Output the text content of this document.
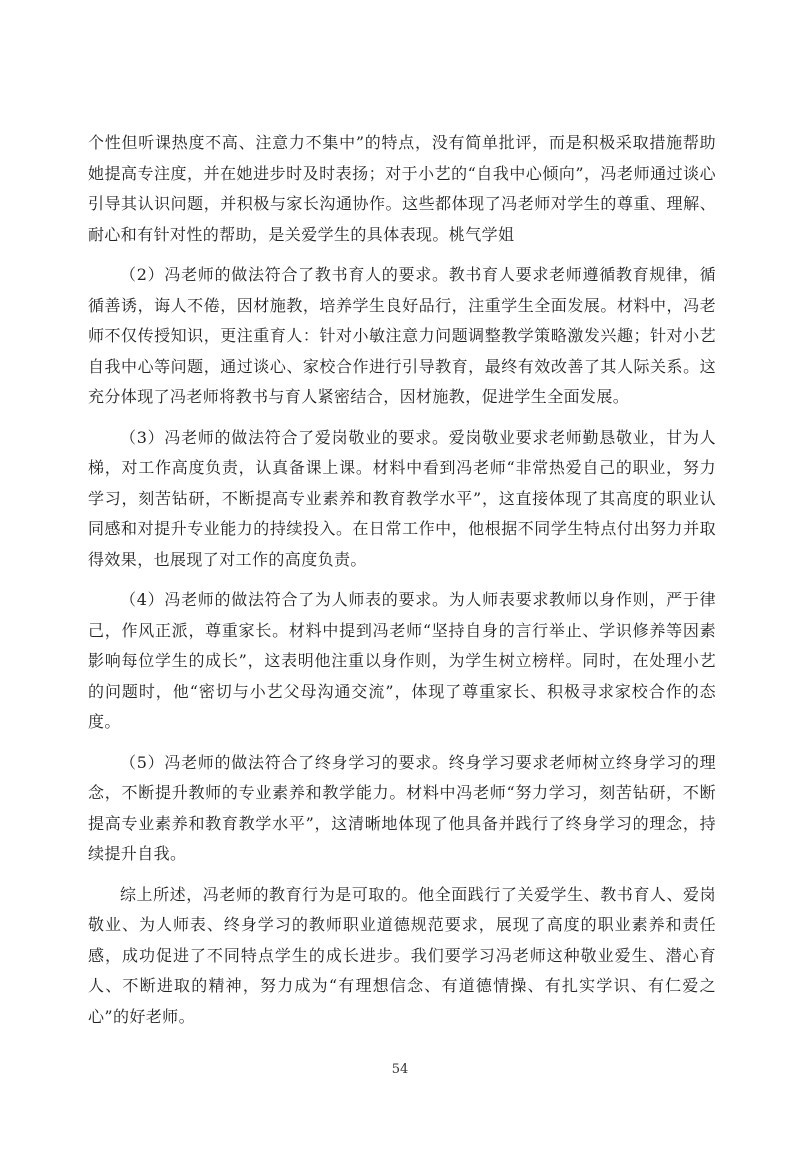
个性但听课热度不高、注意力不集中”的特点，没有简单批评，而是积极采取措施帮助她提高专注度，并在她进步时及时表扬；对于小艺的“自我中心倾向”，冯老师通过谈心引导其认识问题，并积极与家长沟通协作。这些都体现了冯老师对学生的尊重、理解、耐心和有针对性的帮助，是关爱学生的具体表现。桃气学姐

（2）冯老师的做法符合了教书育人的要求。教书育人要求老师遵循教育规律，循循善诱，诲人不倦，因材施教，培养学生良好品行，注重学生全面发展。材料中，冯老师不仅传授知识，更注重育人：针对小敏注意力问题调整教学策略激发兴趣；针对小艺自我中心等问题，通过谈心、家校合作进行引导教育，最终有效改善了其人际关系。这充分体现了冯老师将教书与育人紧密结合，因材施教，促进学生全面发展。

（3）冯老师的做法符合了爱岗敬业的要求。爱岗敬业要求老师勤恳敬业，甘为人梯，对工作高度负责，认真备课上课。材料中看到冯老师“非常热爱自己的职业，努力学习，刻苦钻研，不断提高专业素养和教育教学水平”，这直接体现了其高度的职业认同感和对提升专业能力的持续投入。在日常工作中，他根据不同学生特点付出努力并取得效果，也展现了对工作的高度负责。

（4）冯老师的做法符合了为人师表的要求。为人师表要求教师以身作则，严于律己，作风正派，尊重家长。材料中提到冯老师“坚持自身的言行举止、学识修养等因素影响每位学生的成长”，这表明他注重以身作则，为学生树立榜样。同时，在处理小艺的问题时，他“密切与小艺父母沟通交流”，体现了尊重家长、积极寻求家校合作的态度。

（5）冯老师的做法符合了终身学习的要求。终身学习要求老师树立终身学习的理念，不断提升教师的专业素养和教学能力。材料中冯老师“努力学习，刻苦钻研，不断提高专业素养和教育教学水平”，这清晰地体现了他具备并践行了终身学习的理念，持续提升自我。

综上所述，冯老师的教育行为是可取的。他全面践行了关爱学生、教书育人、爱岗敬业、为人师表、终身学习的教师职业道德规范要求，展现了高度的职业素养和责任感，成功促进了不同特点学生的成长进步。我们要学习冯老师这种敬业爱生、潜心育人、不断进取的精神，努力成为“有理想信念、有道德情操、有扎实学识、有仁爱之心”的好老师。

54
